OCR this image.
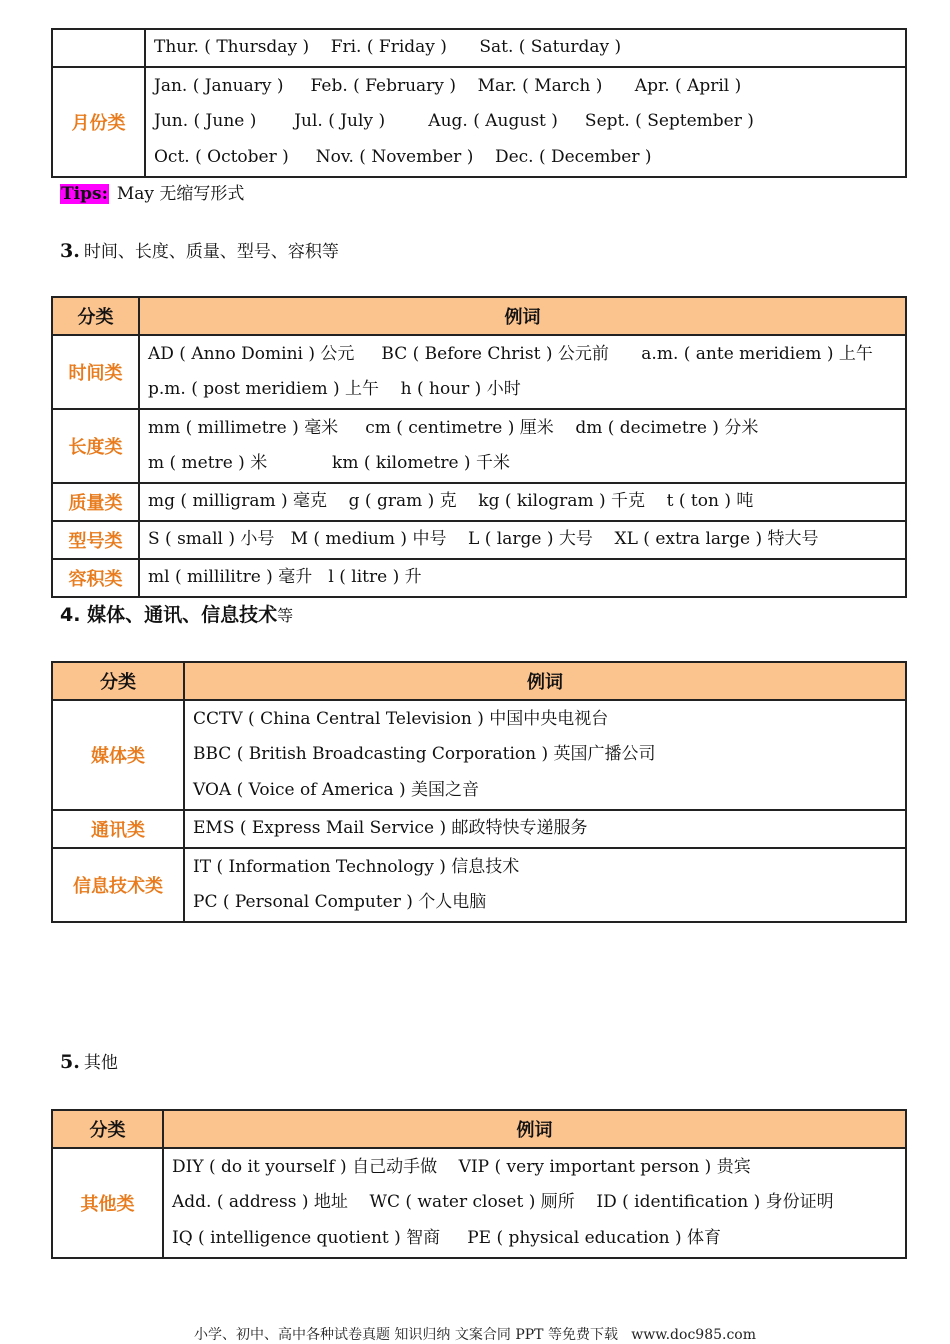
	Thur. ( Thursday )    Fri. ( Friday )      Sat. ( Saturday )

月份类	Jan. ( January )     Feb. ( February )    Mar. ( March )      Apr. ( April )
Jun. ( June )       Jul. ( July )        Aug. ( August )     Sept. ( September )
Oct. ( October )     Nov. ( November )    Dec. ( December )
Tips: May 无缩写形式
3. 时间、长度、质量、型号、容积等
分类	例词
时间类	AD ( Anno Domini ) 公元     BC ( Before Christ ) 公元前      a.m. ( ante meridiem ) 上午
p.m. ( post meridiem ) 上午    h ( hour ) 小时

长度类	mm ( millimetre ) 毫米     cm ( centimetre ) 厘米    dm ( decimetre ) 分米
m ( metre ) 米            km ( kilometre ) 千米

质量类	mg ( milligram ) 毫克    g ( gram ) 克    kg ( kilogram ) 千克    t ( ton ) 吨

型号类	S ( small ) 小号   M ( medium ) 中号    L ( large ) 大号    XL ( extra large ) 特大号

容积类	ml ( millilitre ) 毫升   l ( litre ) 升
4. 媒体、通讯、信息技术等
分类	例词
媒体类	CCTV ( China Central Television ) 中国中央电视台
BBC ( British Broadcasting Corporation ) 英国广播公司
VOA ( Voice of America ) 美国之音

通讯类	EMS ( Express Mail Service ) 邮政特快专递服务

信息技术类	IT ( Information Technology ) 信息技术
PC ( Personal Computer ) 个人电脑
5. 其他
分类	例词
其他类	DIY ( do it yourself ) 自己动手做    VIP ( very important person ) 贵宾
Add. ( address ) 地址    WC ( water closet ) 厕所    ID ( identification ) 身份证明
IQ ( intelligence quotient ) 智商     PE ( physical education ) 体育
小学、初中、高中各种试卷真题 知识归纳 文案合同 PPT 等免费下载   www.doc985.com
